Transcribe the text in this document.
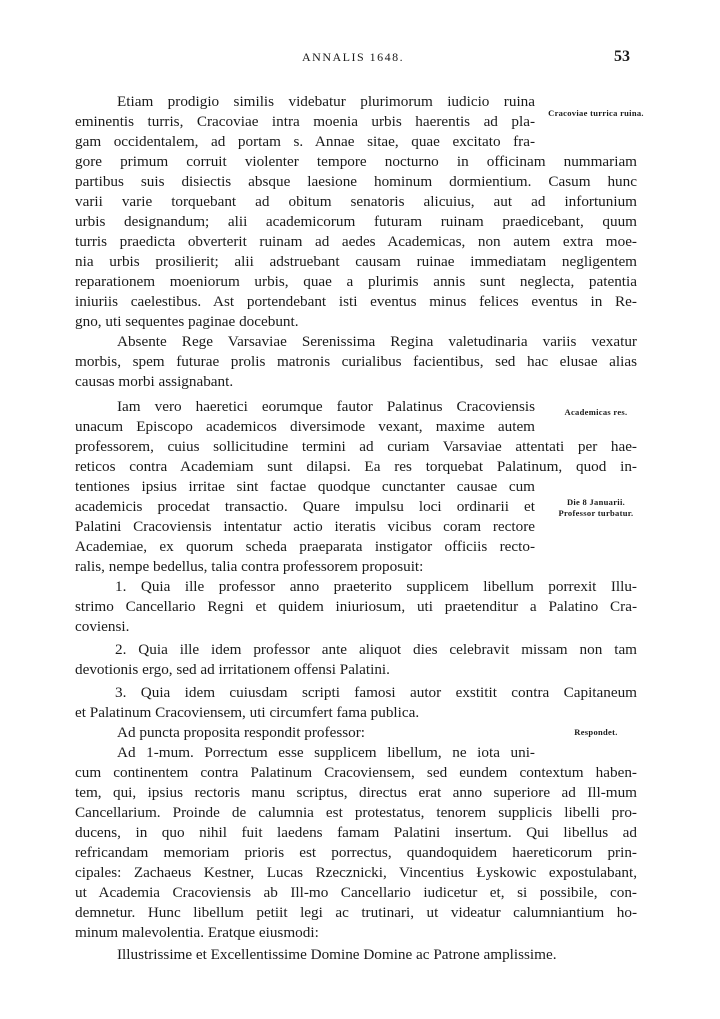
ANNALIS 1648.	53
Cracoviae turrica ruina.
Academicas res.
Die 8 Januarii. Professor turbatur.
Respondet.
Etiam prodigio similis videbatur plurimorum iudicio ruina
eminentis turris, Cracoviae intra moenia urbis haerentis ad pla-
gam occidentalem, ad portam s. Annae sitae, quae excitato fra-
gore primum corruit violenter tempore nocturno in officinam nummariam
partibus suis disiectis absque laesione hominum dormientium. Casum hunc
varii varie torquebant ad obitum senatoris alicuius, aut ad infortunium
urbis designandum; alii academicorum futuram ruinam praedicebant, quum
turris praedicta obverterit ruinam ad aedes Academicas, non autem extra moe-
nia urbis prosilierit; alii adstruebant causam ruinae immediatam negligentem
reparationem moeniorum urbis, quae a plurimis annis sunt neglecta, patentia
iniuriis caelestibus. Ast portendebant isti eventus minus felices eventus in Re-
gno, uti sequentes paginae docebunt.
Absente Rege Varsaviae Serenissima Regina valetudinaria variis vexatur
morbis, spem futurae prolis matronis curialibus facientibus, sed hac elusae alias
causas morbi assignabant.
Iam vero haeretici eorumque fautor Palatinus Cracoviensis
unacum Episcopo academicos diversimode vexant, maxime autem
professorem, cuius sollicitudine termini ad curiam Varsaviae attentati per hae-
reticos contra Academiam sunt dilapsi. Ea res torquebat Palatinum, quod in-
tentiones ipsius irritae sint factae quodque cunctanter causae cum
academicis procedat transactio. Quare impulsu loci ordinarii et
Palatini Cracoviensis intentatur actio iteratis vicibus coram rectore
Academiae, ex quorum scheda praeparata instigator officiis recto-
ralis, nempe bedellus, talia contra professorem proposuit:
1. Quia ille professor anno praeterito supplicem libellum porrexit Illu-
strimo Cancellario Regni et quidem iniuriosum, uti praetenditur a Palatino Cra-
coviensi.
2. Quia ille idem professor ante aliquot dies celebravit missam non tam
devotionis ergo, sed ad irritationem offensi Palatini.
3. Quia idem cuiusdam scripti famosi autor exstitit contra Capitaneum
et Palatinum Cracoviensem, uti circumfert fama publica.
Ad puncta proposita respondit professor:
Ad 1-mum. Porrectum esse supplicem libellum, ne iota uni-
cum continentem contra Palatinum Cracoviensem, sed eundem contextum haben-
tem, qui, ipsius rectoris manu scriptus, directus erat anno superiore ad Ill-mum
Cancellarium. Proinde de calumnia est protestatus, tenorem supplicis libelli pro-
ducens, in quo nihil fuit laedens famam Palatini insertum. Qui libellus ad
refricandam memoriam prioris est porrectus, quandoquidem haereticorum prin-
cipales: Zachaeus Kestner, Lucas Rzecznicki, Vincentius Łyskowic expostulabant,
ut Academia Cracoviensis ab Ill-mo Cancellario iudicetur et, si possibile, con-
demnetur. Hunc libellum petiit legi ac trutinari, ut videatur calumniantium ho-
minum malevolentia. Eratque eiusmodi:
Illustrissime et Excellentissime Domine Domine ac Patrone amplissime.
